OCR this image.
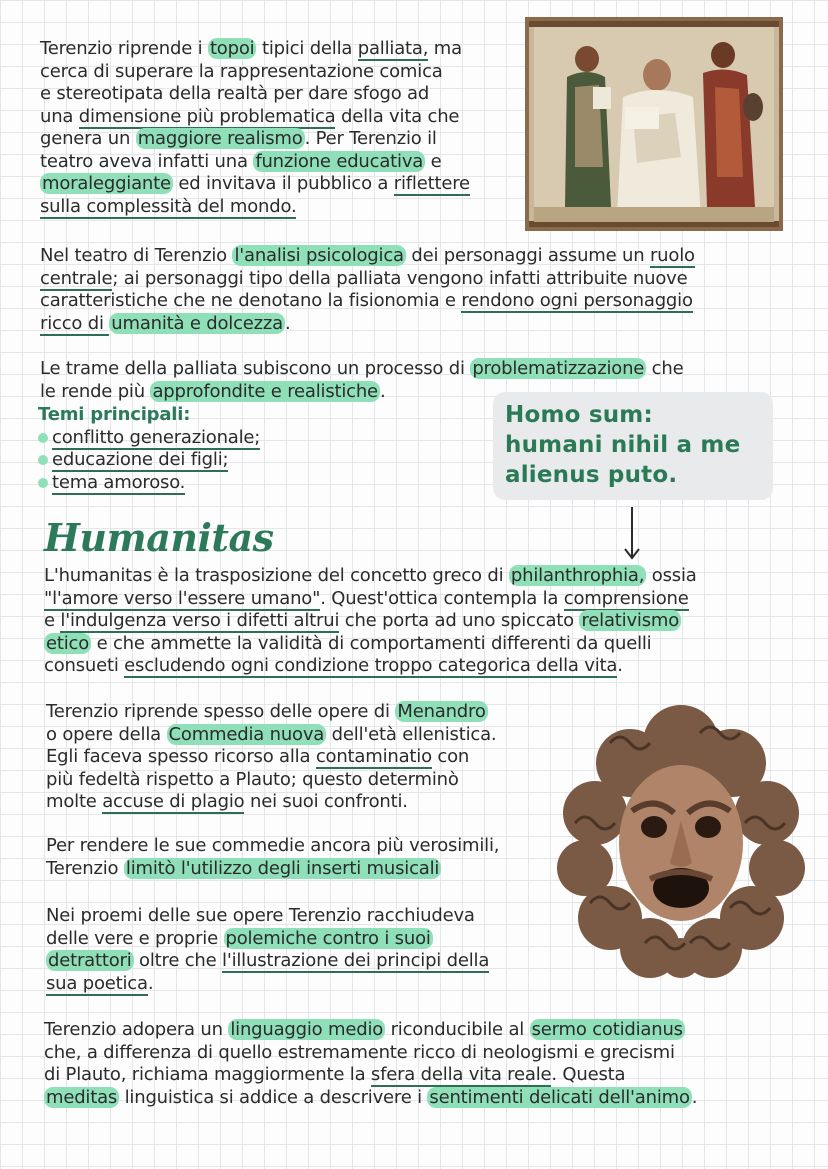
Terenzio riprende i topoi tipici della palliata, ma
cerca di superare la rappresentazione comica
e stereotipata della realtà per dare sfogo ad
una dimensione più problematica della vita che
genera un maggiore realismo . Per Terenzio il
teatro aveva infatti una funzione educativa e
moraleggiante ed invitava il pubblico a riflettere
sulla complessità del mondo.
Nel teatro di Terenzio l'analisi psicologica dei personaggi assume un ruolo
centrale; ai personaggi tipo della palliata vengono infatti attribuite nuove
caratteristiche che ne denotano la fisionomia e rendono ogni personaggio
ricco di umanità e dolcezza .
Le trame della palliata subiscono un processo di problematizzazione che
le rende più approfondite e realistiche .
Temi principali:
conflitto generazionale;
educazione dei figli;
tema amoroso.
Homo sum:
humani nihil a me
alienus puto.
Humanitas
L'humanitas è la trasposizione del concetto greco di philanthrophia, ossia
"l'amore verso l'essere umano". Quest'ottica contempla la comprensione
e l'indulgenza verso i difetti altrui che porta ad uno spiccato relativismo
etico e che ammette la validità di comportamenti differenti da quelli
consueti escludendo ogni condizione troppo categorica della vita.
Terenzio riprende spesso delle opere di Menandro
o opere della Commedia nuova dell'età ellenistica.
Egli faceva spesso ricorso alla contaminatio con
più fedeltà rispetto a Plauto; questo determinò
molte accuse di plagio nei suoi confronti.
Per rendere le sue commedie ancora più verosimili,
Terenzio limitò l'utilizzo degli inserti musicali
Nei proemi delle sue opere Terenzio racchiudeva
delle vere e proprie polemiche contro i suoi
detrattori oltre che l'illustrazione dei principi della
sua poetica.
Terenzio adopera un linguaggio medio riconducibile al sermo cotidianus
che, a differenza di quello estremamente ricco di neologismi e grecismi
di Plauto, richiama maggiormente la sfera della vita reale. Questa
meditas linguistica si addice a descrivere i sentimenti delicati dell'animo .
